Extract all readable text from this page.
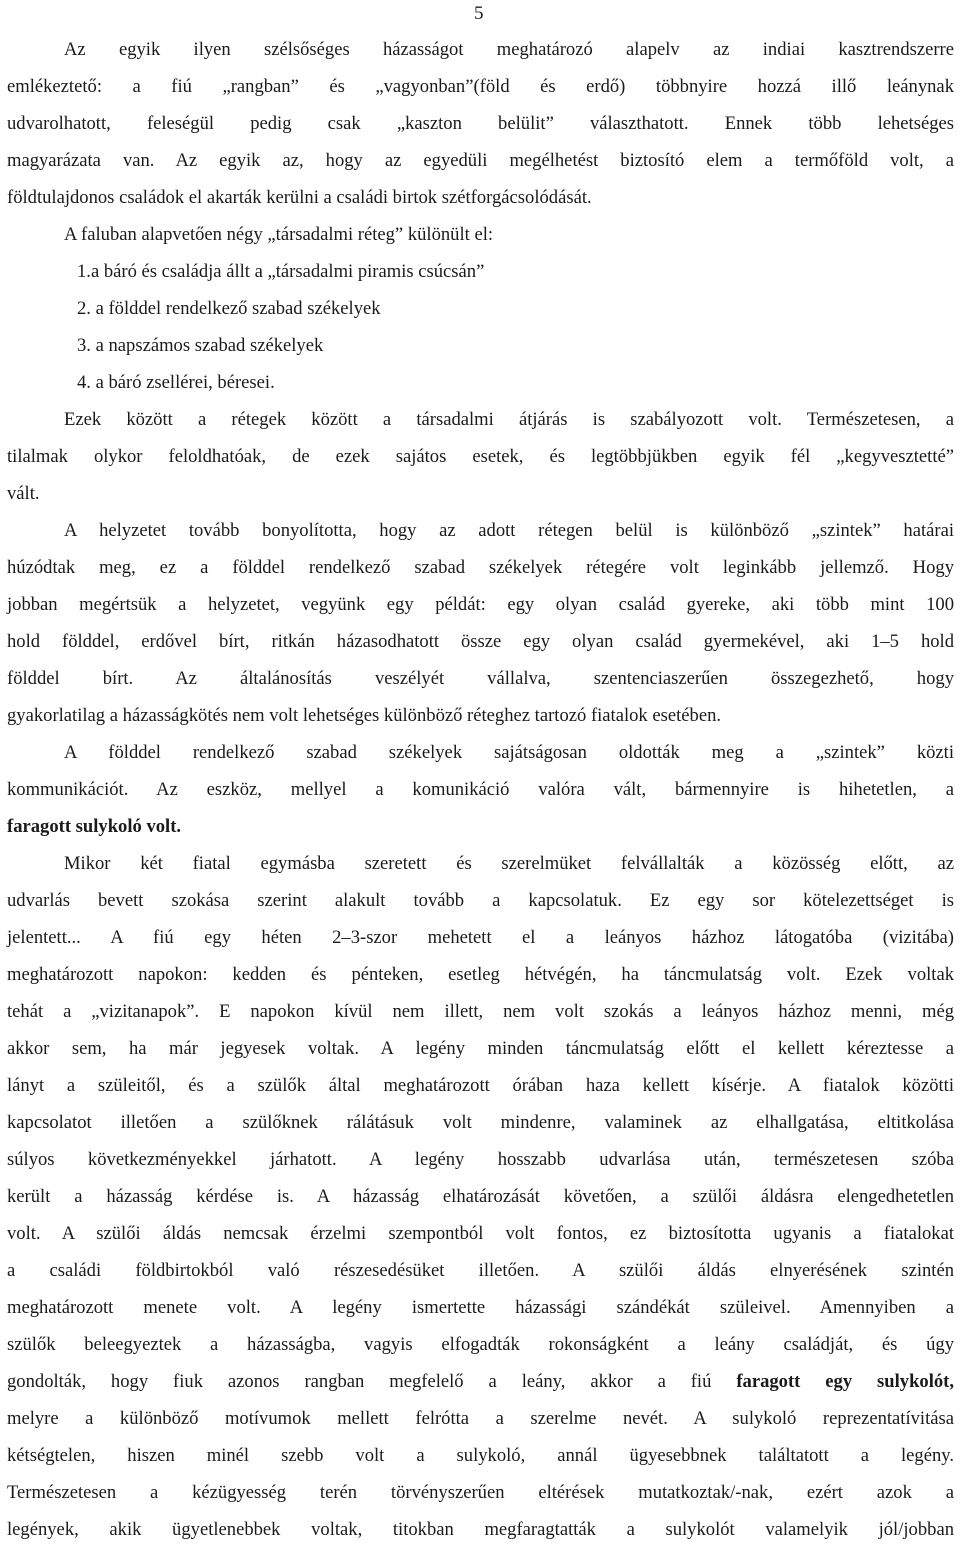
5
Az egyik ilyen szélsőséges házasságot meghatározó alapelv az indiai kasztrendszerre
emlékeztető: a fiú „rangban” és „vagyonban”(föld és erdő) többnyire hozzá illő leánynak
udvarolhatott, feleségül pedig csak „kaszton belülit” választhatott. Ennek több lehetséges
magyarázata van. Az egyik az, hogy az egyedüli megélhetést biztosító elem a termőföld volt, a
földtulajdonos családok el akarták kerülni a családi birtok szétforgácsolódását.
A faluban alapvetően négy „társadalmi réteg” különült el:
1.a báró és családja állt a „társadalmi piramis csúcsán”
2. a földdel rendelkező szabad székelyek
3. a napszámos szabad székelyek
4. a báró zsellérei, béresei.
Ezek között a rétegek között a társadalmi átjárás is szabályozott volt. Természetesen, a
tilalmak olykor feloldhatóak, de ezek sajátos esetek, és legtöbbjükben egyik fél „kegyvesztetté”
vált.
A helyzetet tovább bonyolította, hogy az adott rétegen belül is különböző „szintek” határai
húzódtak meg, ez a földdel rendelkező szabad székelyek rétegére volt leginkább jellemző. Hogy
jobban megértsük a helyzetet, vegyünk egy példát: egy olyan család gyereke, aki több mint 100
hold földdel, erdővel bírt, ritkán házasodhatott össze egy olyan család gyermekével, aki 1–5 hold
földdel bírt. Az általánosítás veszélyét vállalva, szentenciaszerűen összegezhető, hogy
gyakorlatilag a házasságkötés nem volt lehetséges különböző réteghez tartozó fiatalok esetében.
A földdel rendelkező szabad székelyek sajátságosan oldották meg a „szintek” közti
kommunikációt. Az eszköz, mellyel a komunikáció valóra vált, bármennyire is hihetetlen, a
faragott sulykoló volt.
Mikor két fiatal egymásba szeretett és szerelmüket felvállalták a közösség előtt, az
udvarlás bevett szokása szerint alakult tovább a kapcsolatuk. Ez egy sor kötelezettséget is
jelentett... A fiú egy héten 2–3-szor mehetett el a leányos házhoz látogatóba (vizitába)
meghatározott napokon: kedden és pénteken, esetleg hétvégén, ha táncmulatság volt. Ezek voltak
tehát a „vizitanapok”. E napokon kívül nem illett, nem volt szokás a leányos házhoz menni, még
akkor sem, ha már jegyesek voltak. A legény minden táncmulatság előtt el kellett kéreztesse a
lányt a szüleitől, és a szülők által meghatározott órában haza kellett kísérje. A fiatalok közötti
kapcsolatot illetően a szülőknek rálátásuk volt mindenre, valaminek az elhallgatása, eltitkolása
súlyos következményekkel járhatott. A legény hosszabb udvarlása után, természetesen szóba
került a házasság kérdése is. A házasság elhatározását követően, a szülői áldásra elengedhetetlen
volt. A szülői áldás nemcsak érzelmi szempontból volt fontos, ez biztosította ugyanis a fiatalokat
a családi földbirtokból való részesedésüket illetően. A szülői áldás elnyerésének szintén
meghatározott menete volt. A legény ismertette házassági szándékát szüleivel. Amennyiben a
szülők beleegyeztek a házasságba, vagyis elfogadták rokonságként a leány családját, és úgy
gondolták, hogy fiuk azonos rangban megfelelő a leány, akkor a fiú faragott egy sulykolót,
melyre a különböző motívumok mellett felrótta a szerelme nevét. A sulykoló reprezentatívitása
kétségtelen, hiszen minél szebb volt a sulykoló, annál ügyesebbnek találtatott a legény.
Természetesen a kézügyesség terén törvényszerűen eltérések mutatkoztak/-nak, ezért azok a
legények, akik ügyetlenebbek voltak, titokban megfaragtatták a sulykolót valamelyik jól/jobban
